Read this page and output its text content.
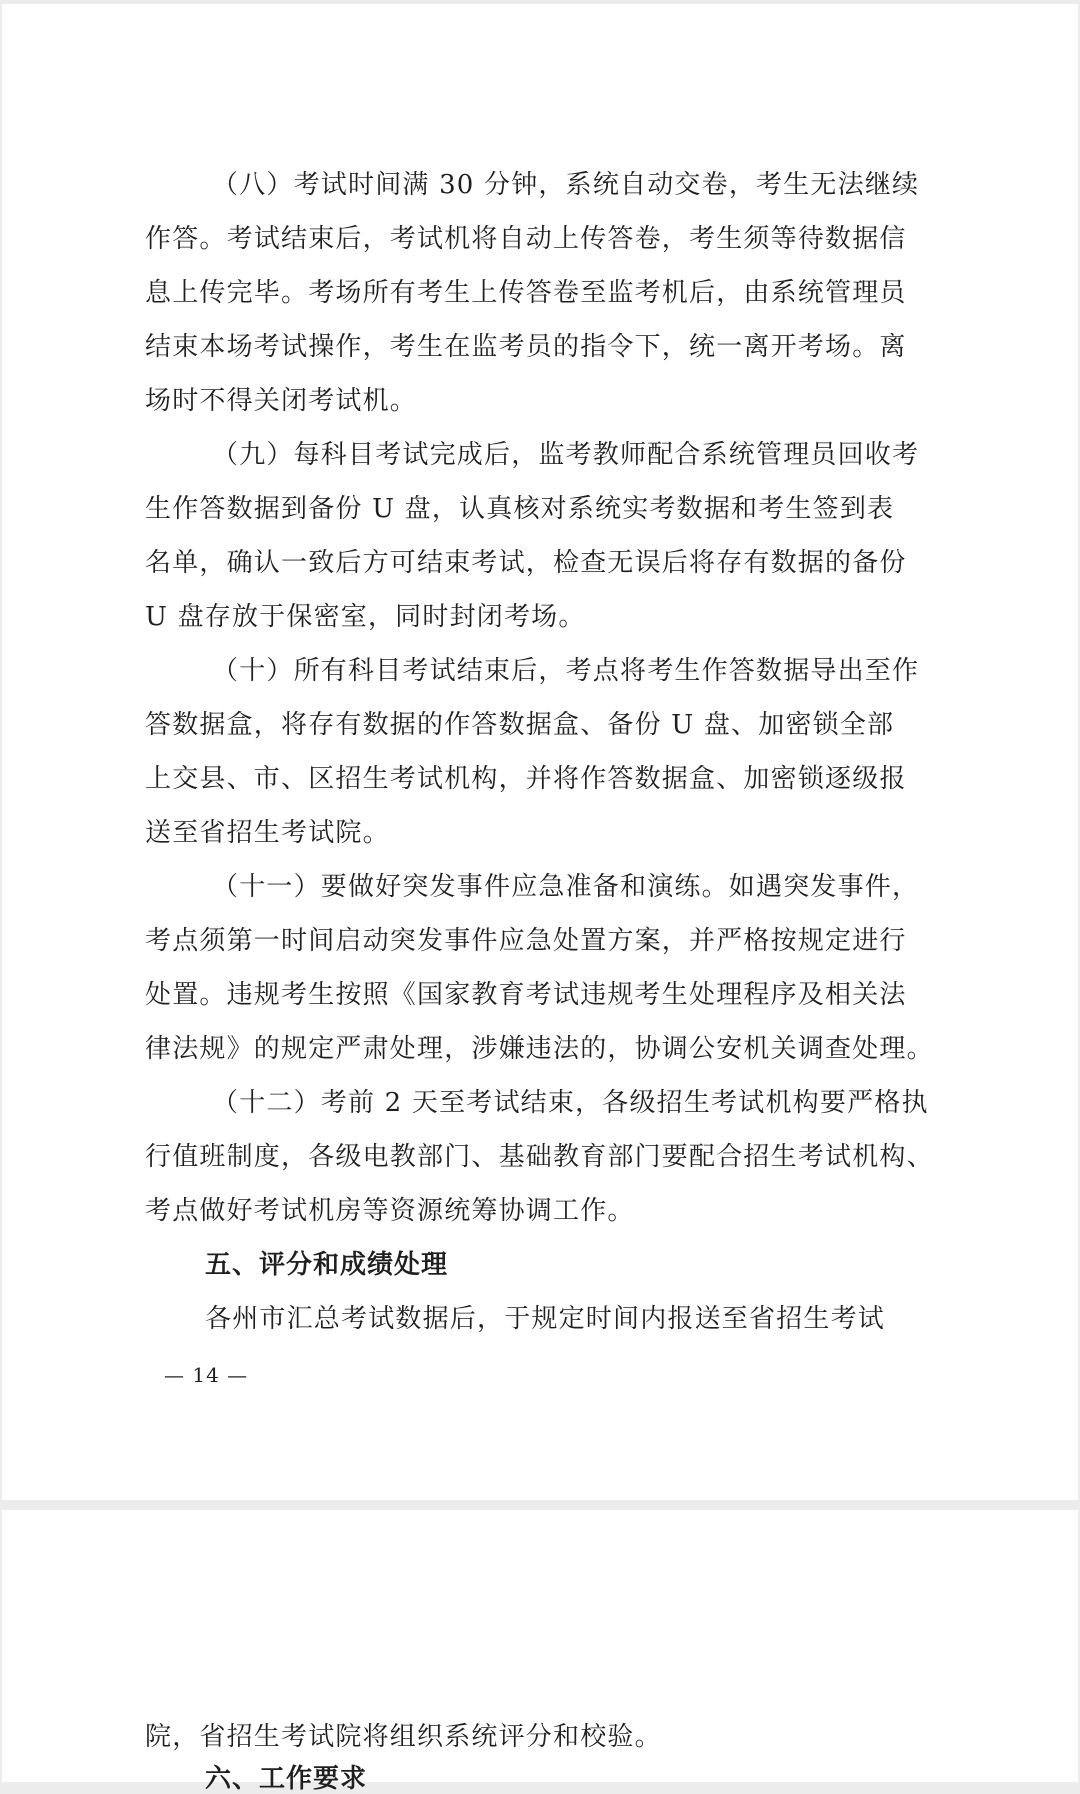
（八）考试时间满 30 分钟，系统自动交卷，考生无法继续
作答。考试结束后，考试机将自动上传答卷，考生须等待数据信
息上传完毕。考场所有考生上传答卷至监考机后，由系统管理员
结束本场考试操作，考生在监考员的指令下，统一离开考场。离
场时不得关闭考试机。
（九）每科目考试完成后，监考教师配合系统管理员回收考
生作答数据到备份 U 盘，认真核对系统实考数据和考生签到表
名单，确认一致后方可结束考试，检查无误后将存有数据的备份
U 盘存放于保密室，同时封闭考场。
（十）所有科目考试结束后，考点将考生作答数据导出至作
答数据盒，将存有数据的作答数据盒、备份 U 盘、加密锁全部
上交县、市、区招生考试机构，并将作答数据盒、加密锁逐级报
送至省招生考试院。
（十一）要做好突发事件应急准备和演练。如遇突发事件，
考点须第一时间启动突发事件应急处置方案，并严格按规定进行
处置。违规考生按照《国家教育考试违规考生处理程序及相关法
律法规》的规定严肃处理，涉嫌违法的，协调公安机关调查处理。
（十二）考前 2 天至考试结束，各级招生考试机构要严格执
行值班制度，各级电教部门、基础教育部门要配合招生考试机构、
考点做好考试机房等资源统筹协调工作。
五、评分和成绩处理
各州市汇总考试数据后，于规定时间内报送至省招生考试
— 14 —
院，省招生考试院将组织系统评分和校验。
六、工作要求
